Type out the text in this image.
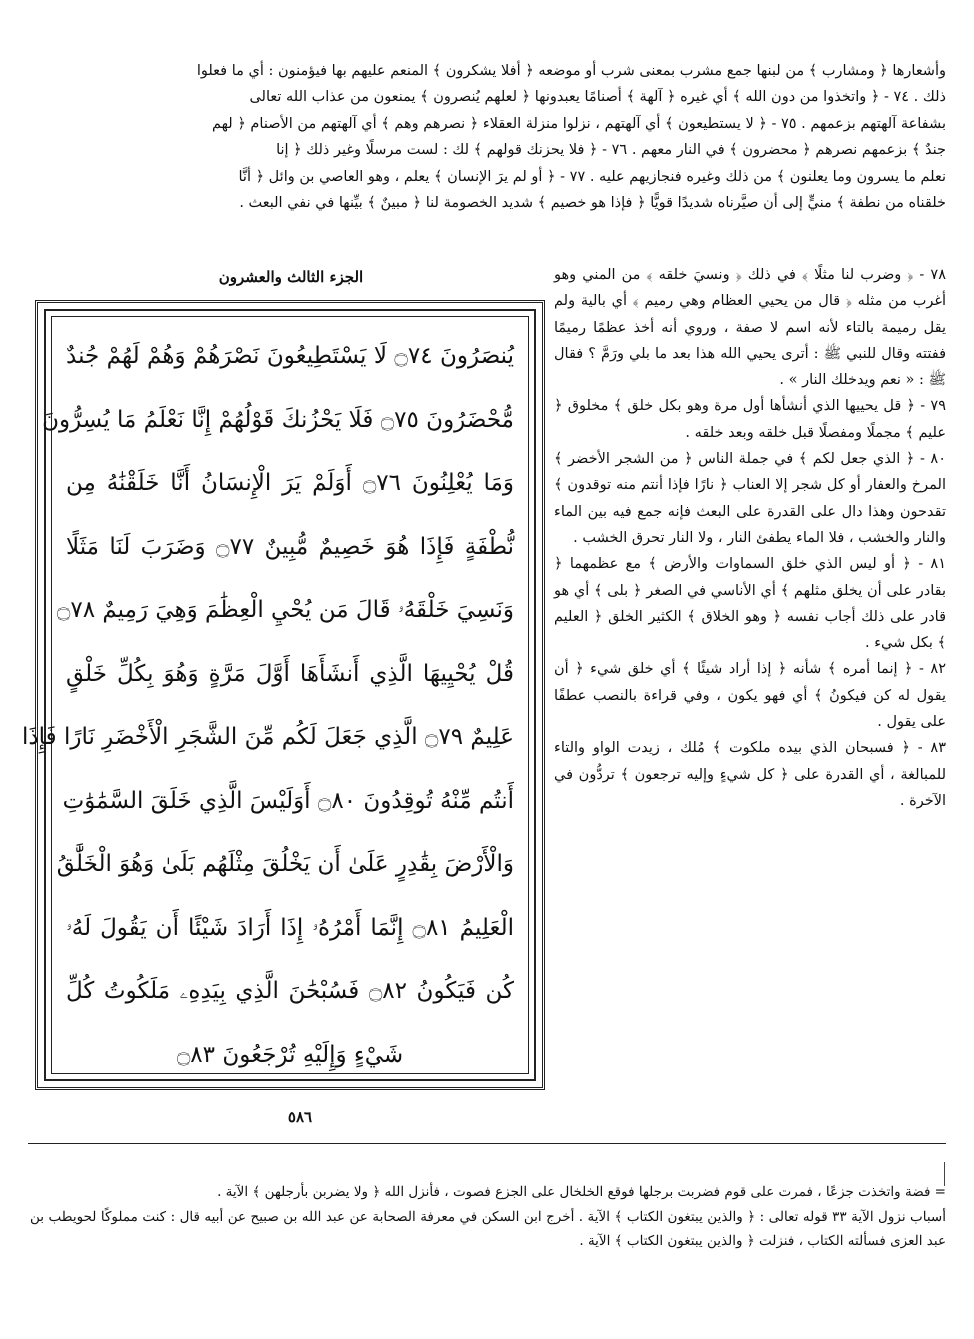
وأشعارها ﴿ ومشارب ﴾ من لبنها جمع مشرب بمعنى شرب أو موضعه ﴿ أفلا يشكرون ﴾ المنعم عليهم بها فيؤمنون : أي ما فعلوا

ذلك . ٧٤ - ﴿ واتخذوا من دون الله ﴾ أي غيره ﴿ آلهة ﴾ أصنامًا يعبدونها ﴿ لعلهم يُنصرون ﴾ يمنعون من عذاب الله تعالى

بشفاعة آلهتهم بزعمهم . ٧٥ - ﴿ لا يستطيعون ﴾ أي آلهتهم ، نزلوا منزلة العقلاء ﴿ نصرهم وهم ﴾ أي آلهتهم من الأصنام ﴿ لهم

جندٌ ﴾ بزعمهم نصرهم ﴿ محضرون ﴾ في النار معهم . ٧٦ - ﴿ فلا يحزنك قولهم ﴾ لك : لست مرسلًا وغير ذلك ﴿ إنا

نعلم ما يسرون وما يعلنون ﴾ من ذلك وغيره فنجازيهم عليه . ٧٧ - ﴿ أو لم يرَ الإنسان ﴾ يعلم ، وهو العاصي بن وائل ﴿ أنَّا

خلقناه من نطفة ﴾ منيٍّ إلى أن صيَّرناه شديدًا قويًّا ﴿ فإذا هو خصيم ﴾ شديد الخصومة لنا ﴿ مبينٌ ﴾ بيِّنها في نفي البعث .

الجزء الثالث والعشرون
يُنصَرُونَ ۝٧٤ لَا يَسْتَطِيعُونَ نَصْرَهُمْ وَهُمْ لَهُمْ جُندٌ
مُّحْضَرُونَ ۝٧٥ فَلَا يَحْزُنكَ قَوْلُهُمْ إِنَّا نَعْلَمُ مَا يُسِرُّونَ
وَمَا يُعْلِنُونَ ۝٧٦ أَوَلَمْ يَرَ الْإِنسَانُ أَنَّا خَلَقْنَٰهُ مِن
نُّطْفَةٍ فَإِذَا هُوَ خَصِيمٌ مُّبِينٌ ۝٧٧ وَضَرَبَ لَنَا مَثَلًا
وَنَسِيَ خَلْقَهُۥ قَالَ مَن يُحْيِ الْعِظَٰمَ وَهِيَ رَمِيمٌ ۝٧٨
قُلْ يُحْيِيهَا الَّذِي أَنشَأَهَا أَوَّلَ مَرَّةٍ وَهُوَ بِكُلِّ خَلْقٍ
عَلِيمٌ ۝٧٩ الَّذِي جَعَلَ لَكُم مِّنَ الشَّجَرِ الْأَخْضَرِ نَارًا فَإِذَا
أَنتُم مِّنْهُ تُوقِدُونَ ۝٨٠ أَوَلَيْسَ الَّذِي خَلَقَ السَّمَٰوَٰتِ
وَالْأَرْضَ بِقَٰدِرٍ عَلَىٰ أَن يَخْلُقَ مِثْلَهُم بَلَىٰ وَهُوَ الْخَلَّٰقُ
الْعَلِيمُ ۝٨١ إِنَّمَا أَمْرُهُۥ إِذَا أَرَادَ شَيْئًا أَن يَقُولَ لَهُۥ
كُن فَيَكُونُ ۝٨٢ فَسُبْحَٰنَ الَّذِي بِيَدِهِۦ مَلَكُوتُ كُلِّ
شَيْءٍ وَإِلَيْهِ تُرْجَعُونَ ۝٨٣

٧٨ - ﴿ وضرب لنا مثلًا ﴾ في ذلك ﴿ ونسيَ خلقه ﴾ من المني وهو أغرب من مثله ﴿ قال من يحيي العظام وهي رميم ﴾ أي بالية ولم يقل رميمة بالتاء لأنه اسم لا صفة ، وروي أنه أخذ عظمًا رميمًا ففتته وقال للنبي ﷺ : أترى يحيي الله هذا بعد ما بلي ورَمَّ ؟ فقال ﷺ : « نعم ويدخلك النار » .

٧٩ - ﴿ قل يحييها الذي أنشأها أول مرة وهو بكل خلق ﴾ مخلوق ﴿ عليم ﴾ مجملًا ومفصلًا قبل خلقه وبعد خلقه .

٨٠ - ﴿ الذي جعل لكم ﴾ في جملة الناس ﴿ من الشجر الأخضر ﴾ المرخ والعفار أو كل شجر إلا العناب ﴿ نارًا فإذا أنتم منه توقدون ﴾ تقدحون وهذا دال على القدرة على البعث فإنه جمع فيه بين الماء والنار والخشب ، فلا الماء يطفئ النار ، ولا النار تحرق الخشب .

٨١ - ﴿ أو ليس الذي خلق السماوات والأرض ﴾ مع عظمهما ﴿ بقادر على أن يخلق مثلهم ﴾ أي الأناسي في الصغر ﴿ بلى ﴾ أي هو قادر على ذلك أجاب نفسه ﴿ وهو الخلاق ﴾ الكثير الخلق ﴿ العليم ﴾ بكل شيء .

٨٢ - ﴿ إنما أمره ﴾ شأنه ﴿ إذا أراد شيئًا ﴾ أي خلق شيء ﴿ أن يقول له كن فيكونُ ﴾ أي فهو يكون ، وفي قراءة بالنصب عطفًا على يقول .

٨٣ - ﴿ فسبحان الذي بيده ملكوت ﴾ مُلك ، زيدت الواو والتاء للمبالغة ، أي القدرة على ﴿ كل شيءٍ وإليه ترجعون ﴾ تردُّون في الآخرة .

٥٨٦

= فضة واتخذت جزعًا ، فمرت على قوم فضربت برجلها فوقع الخلخال على الجزع فصوت ، فأنزل الله ﴿ ولا يضربن بأرجلهن ﴾ الآية .

أسباب نزول الآية ٣٣ قوله تعالى : ﴿ والذين يبتغون الكتاب ﴾ الآية . أخرج ابن السكن في معرفة الصحابة عن عبد الله بن صبيح عن أبيه قال : كنت مملوكًا لحويطب بن عبد العزى فسألته الكتاب ، فنزلت ﴿ والذين يبتغون الكتاب ﴾ الآية .
